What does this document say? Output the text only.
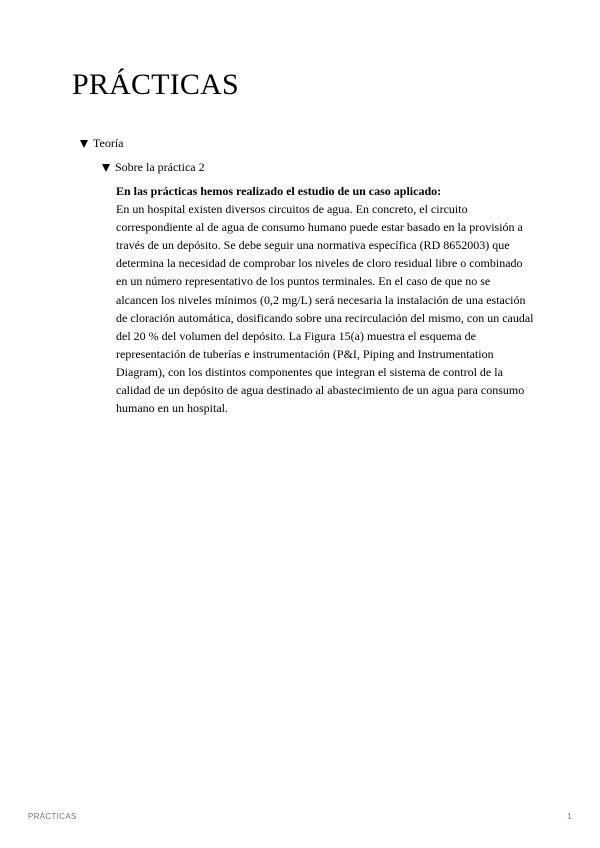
PRÁCTICAS
Teoría
Sobre la práctica 2
En las prácticas hemos realizado el estudio de un caso aplicado:
En un hospital existen diversos circuitos de agua. En concreto, el circuito correspondiente al de agua de consumo humano puede estar basado en la provisión a través de un depósito. Se debe seguir una normativa específica (RD 8652003) que determina la necesidad de comprobar los niveles de cloro residual libre o combinado en un número representativo de los puntos terminales. En el caso de que no se alcancen los niveles mínimos (0,2 mg/L) será necesaria la instalación de una estación de cloración automática, dosificando sobre una recirculación del mismo, con un caudal del 20 % del volumen del depósito. La Figura 15(a) muestra el esquema de representación de tuberías e instrumentación (P&I, Piping and Instrumentation Diagram), con los distintos componentes que integran el sistema de control de la calidad de un depósito de agua destinado al abastecimiento de un agua para consumo humano en un hospital.
PRÁCTICAS	1
